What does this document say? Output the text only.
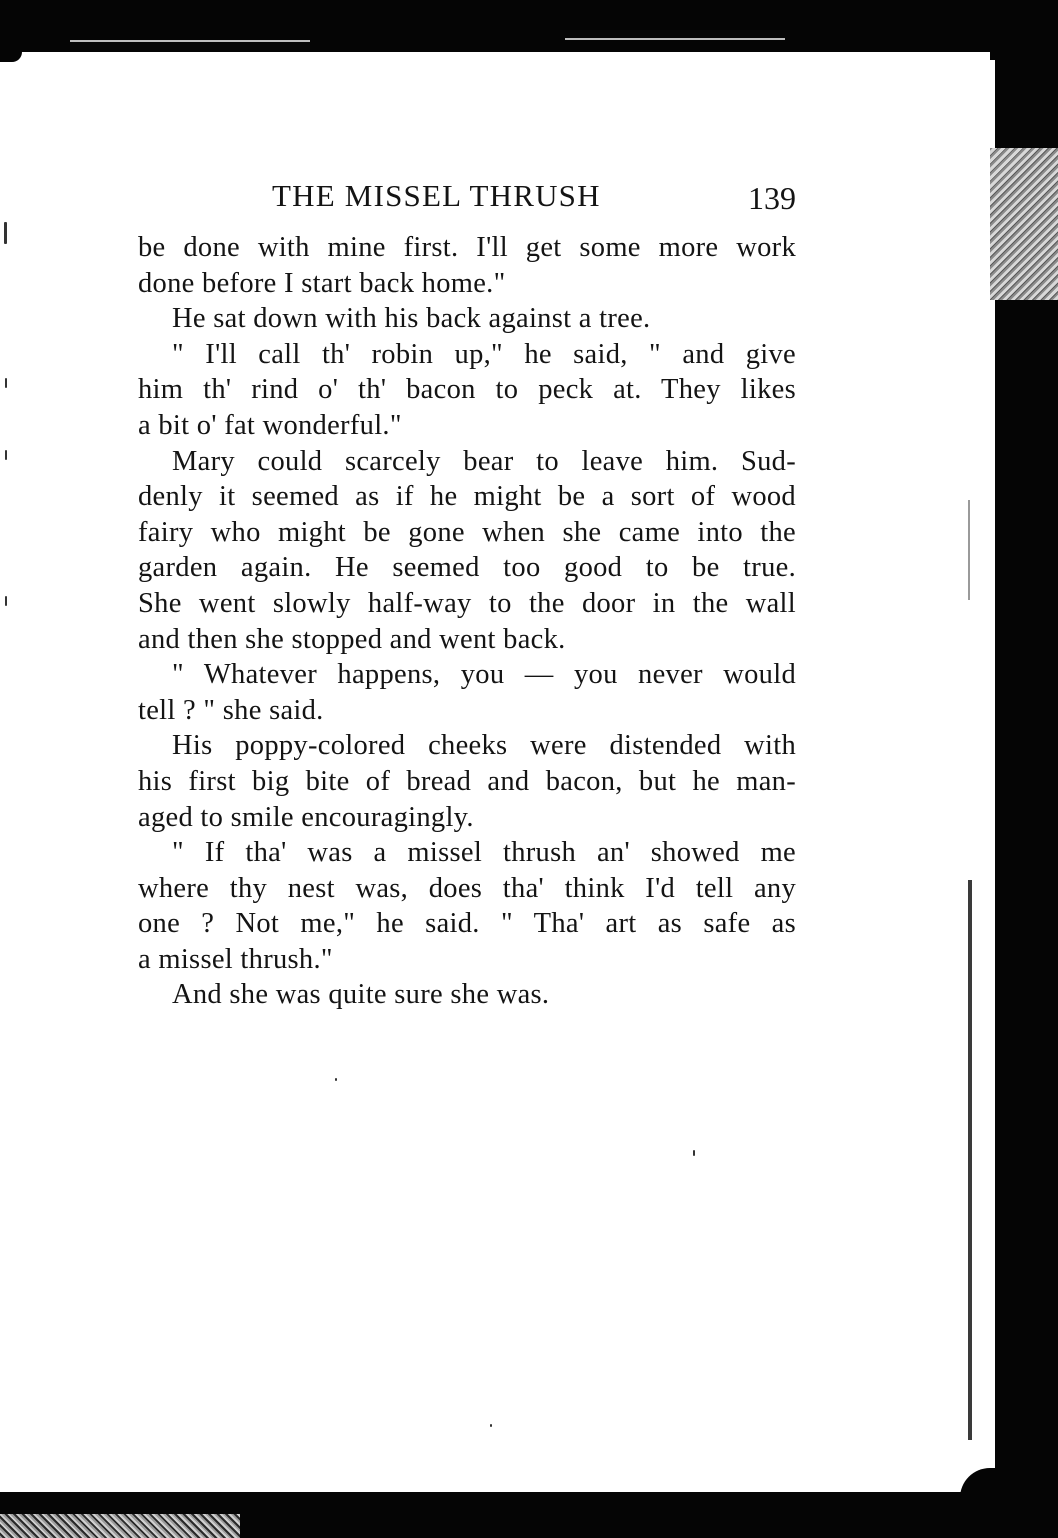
THE MISSEL THRUSH	139
be done with mine first. I'll get some more work
done before I start back home."
He sat down with his back against a tree.
" I'll call th' robin up," he said, " and give
him th' rind o' th' bacon to peck at. They likes
a bit o' fat wonderful."
Mary could scarcely bear to leave him. Sud-
denly it seemed as if he might be a sort of wood
fairy who might be gone when she came into the
garden again. He seemed too good to be true.
She went slowly half-way to the door in the wall
and then she stopped and went back.
" Whatever happens, you — you never would
tell ? " she said.
His poppy-colored cheeks were distended with
his first big bite of bread and bacon, but he man-
aged to smile encouragingly.
" If tha' was a missel thrush an' showed me
where thy nest was, does tha' think I'd tell any
one ? Not me," he said. " Tha' art as safe as
a missel thrush."
And she was quite sure she was.
